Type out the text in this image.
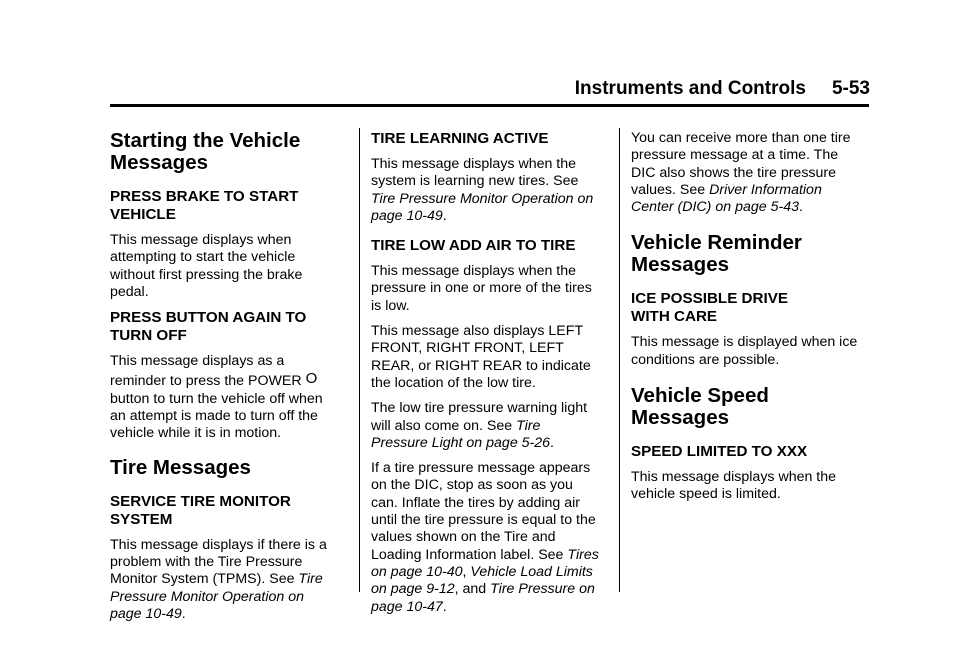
Instruments and Controls 5-53
Starting the Vehicle
Messages
PRESS BRAKE TO START
VEHICLE

This message displays when
attempting to start the vehicle
without first pressing the brake
pedal.

PRESS BUTTON AGAIN TO
TURN OFF

This message displays as a
reminder to press the POWER O
button to turn the vehicle off when
an attempt is made to turn off the
vehicle while it is in motion.

Tire Messages
SERVICE TIRE MONITOR
SYSTEM

This message displays if there is a
problem with the Tire Pressure
Monitor System (TPMS). See Tire
Pressure Monitor Operation on
page 10-49.

TIRE LEARNING ACTIVE

This message displays when the
system is learning new tires. See
Tire Pressure Monitor Operation on
page 10-49.

TIRE LOW ADD AIR TO TIRE

This message displays when the
pressure in one or more of the tires
is low.

This message also displays LEFT
FRONT, RIGHT FRONT, LEFT
REAR, or RIGHT REAR to indicate
the location of the low tire.

The low tire pressure warning light
will also come on. See Tire
Pressure Light on page 5-26.

If a tire pressure message appears
on the DIC, stop as soon as you
can. Inflate the tires by adding air
until the tire pressure is equal to the
values shown on the Tire and
Loading Information label. See Tires
on page 10-40, Vehicle Load Limits
on page 9-12, and Tire Pressure on
page 10-47.

You can receive more than one tire
pressure message at a time. The
DIC also shows the tire pressure
values. See Driver Information
Center (DIC) on page 5-43.

Vehicle Reminder
Messages
ICE POSSIBLE DRIVE
WITH CARE

This message is displayed when ice
conditions are possible.

Vehicle Speed Messages
SPEED LIMITED TO XXX

This message displays when the
vehicle speed is limited.
